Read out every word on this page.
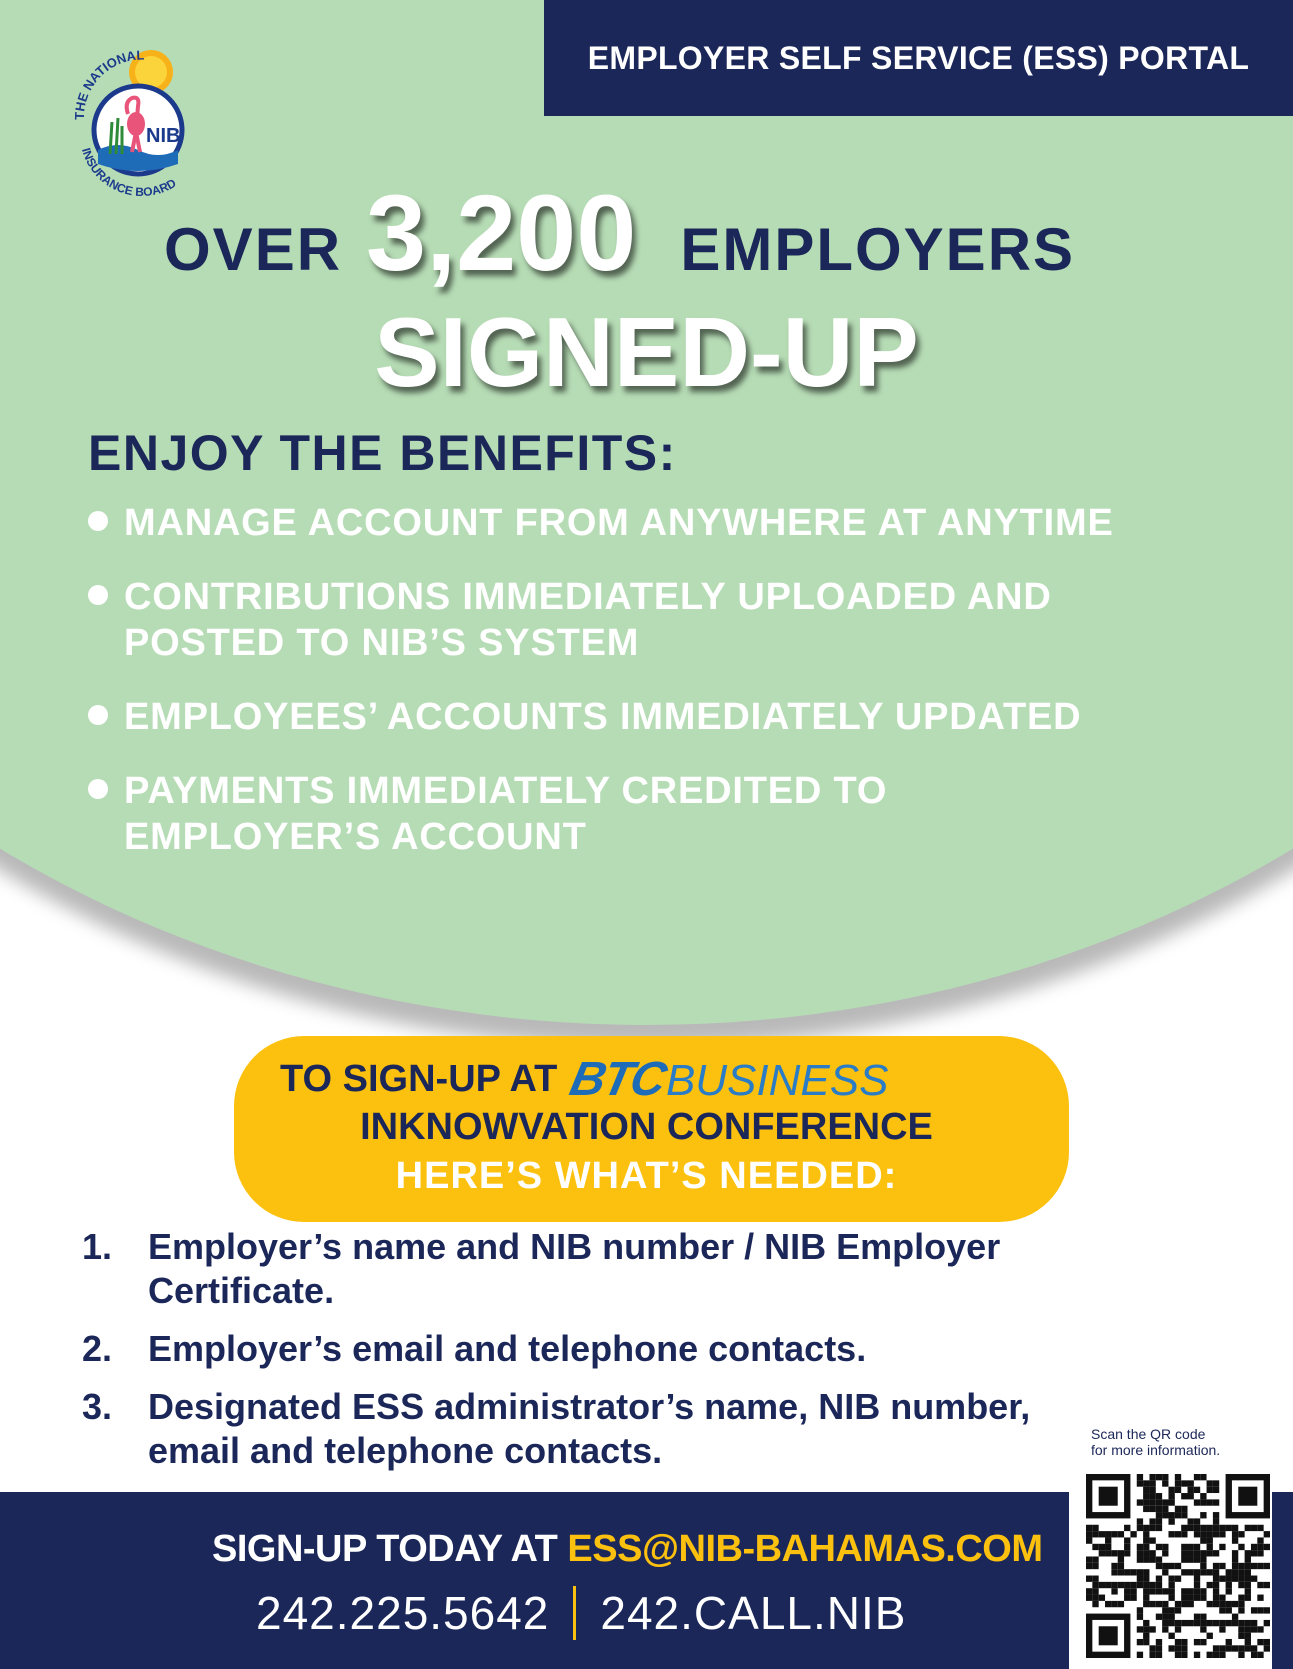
EMPLOYER SELF SERVICE (ESS) PORTAL
NIB
THE NATIONAL
INSURANCE BOARD
OVER 3,200 EMPLOYERS
SIGNED-UP
ENJOY THE BENEFITS:
MANAGE ACCOUNT FROM ANYWHERE AT ANYTIME
CONTRIBUTIONS IMMEDIATELY UPLOADED AND
POSTED TO NIB’S SYSTEM
EMPLOYEES’ ACCOUNTS IMMEDIATELY UPDATED
PAYMENTS IMMEDIATELY CREDITED TO
EMPLOYER’S ACCOUNT
TO SIGN-UP AT BTC
BUSINESS
INKNOWVATION CONFERENCE
HERE’S WHAT’S NEEDED:
1. Employer’s name and NIB number / NIB Employer
Certificate.
2. Employer’s email and telephone contacts.
3. Designated ESS administrator’s name, NIB number,
email and telephone contacts.
SIGN-UP TODAY AT ESS@NIB-BAHAMAS.COM
242.225.5642 242.CALL.NIB
Scan the QR code
for more information.
